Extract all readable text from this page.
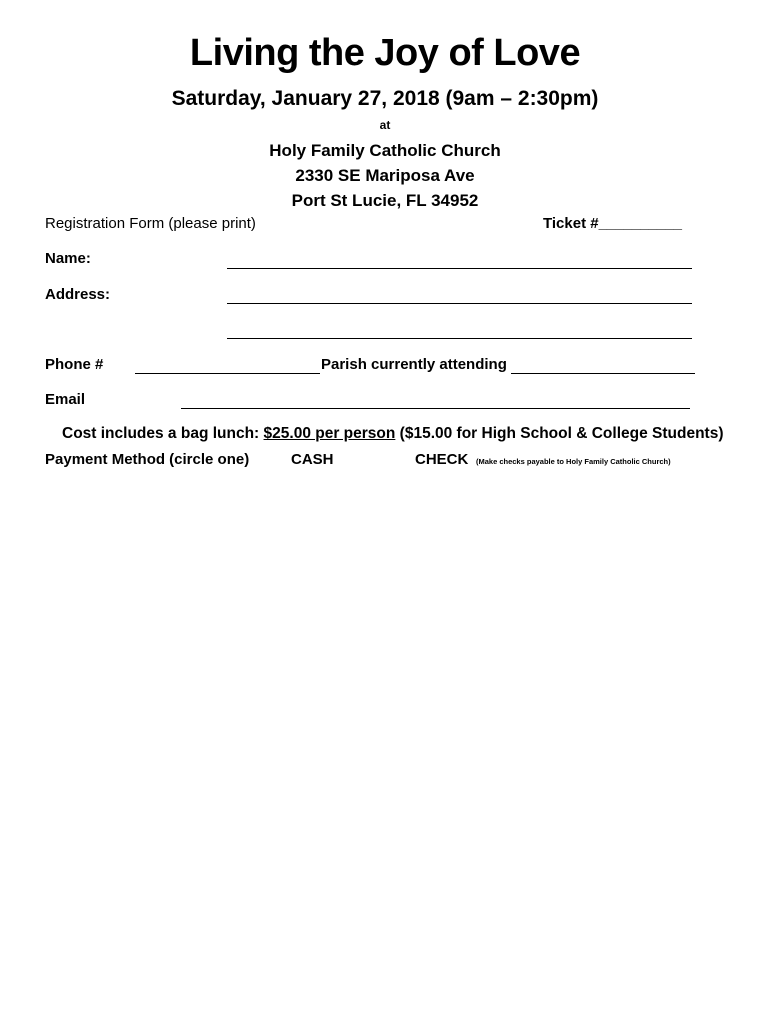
Living the Joy of Love
Saturday, January 27, 2018 (9am – 2:30pm)
at
Holy Family Catholic Church
2330 SE Mariposa Ave
Port St Lucie, FL 34952
Registration Form (please print)	Ticket #__________
Name:
Address:
Phone #	Parish currently attending
Email
Cost includes a bag lunch: $25.00 per person ($15.00 for High School & College Students)
Payment Method (circle one)	CASH	CHECK (Make checks payable to Holy Family Catholic Church)
